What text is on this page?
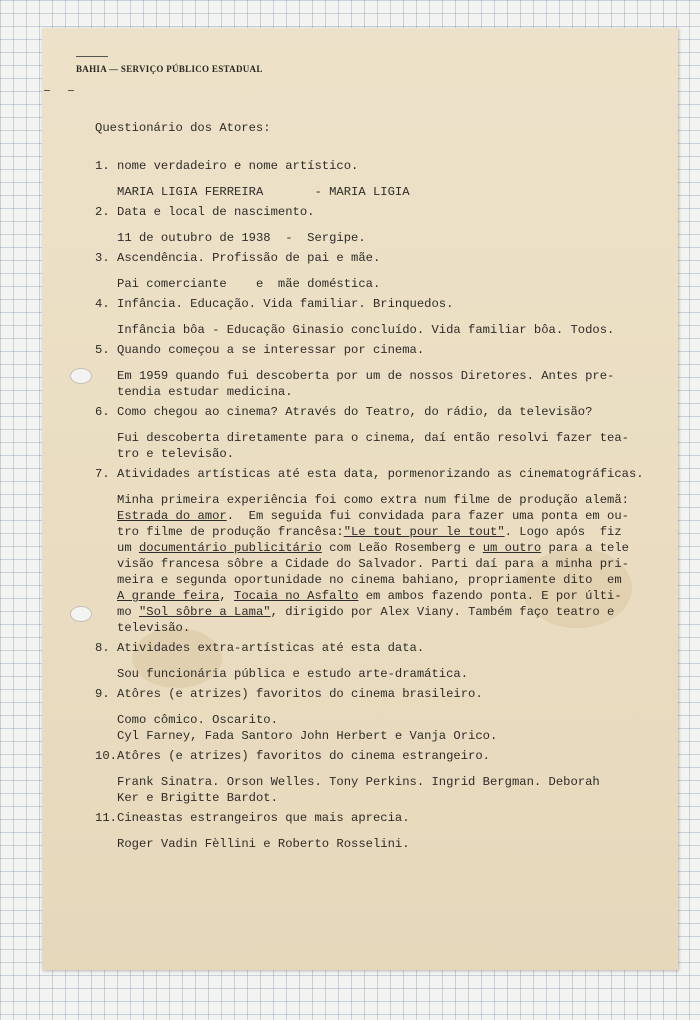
BAHIA — SERVIÇO PÚBLICO ESTADUAL
Questionário dos Atores:
1. nome verdadeiro e nome artístico.
MARIA LIGIA FERREIRA       - MARIA LIGIA
2. Data e local de nascimento.
11 de outubro de 1938  -  Sergipe.
3. Ascendência. Profissão de pai e mãe.
Pai comerciante    e  mãe doméstica.
4. Infância. Educação. Vida familiar. Brinquedos.
Infância bôa - Educação Ginasio concluído. Vida familiar bôa. Todos.
5. Quando começou a se interessar por cinema.
Em 1959 quando fui descoberta por um de nossos Diretores. Antes pre-
tendia estudar medicina.
6. Como chegou ao cinema? Através do Teatro, do rádio, da televisão?
Fui descoberta diretamente para o cinema, daí então resolvi fazer tea-
tro e televisão.
7. Atividades artísticas até esta data, pormenorizando as cinematográficas.
Minha primeira experiência foi como extra num filme de produção alemã:
Estrada do amor.  Em seguida fui convidada para fazer uma ponta em ou-
tro filme de produção francêsa:"Le tout pour le tout". Logo após  fiz
um documentário publicitário com Leão Rosemberg e um outro para a tele
visão francesa sôbre a Cidade do Salvador. Parti daí para a minha pri-
meira e segunda oportunidade no cinema bahiano, propriamente dito  em
A grande feira, Tocaia no Asfalto em ambos fazendo ponta. E por últi-
mo "Sol sôbre a Lama", dirigido por Alex Viany. Também faço teatro e
televisão.
8. Atividades extra-artísticas até esta data.
Sou funcionária pública e estudo arte-dramática.
9. Atôres (e atrizes) favoritos do cinema brasileiro.
Como cômico. Oscarito.
Cyl Farney, Fada Santoro John Herbert e Vanja Orico.
10. Atôres (e atrizes) favoritos do cinema estrangeiro.
Frank Sinatra. Orson Welles. Tony Perkins. Ingrid Bergman. Deborah
Ker e Brigitte Bardot.
11. Cineastas estrangeiros que mais aprecia.
Roger Vadin Fèllini e Roberto Rosselini.
